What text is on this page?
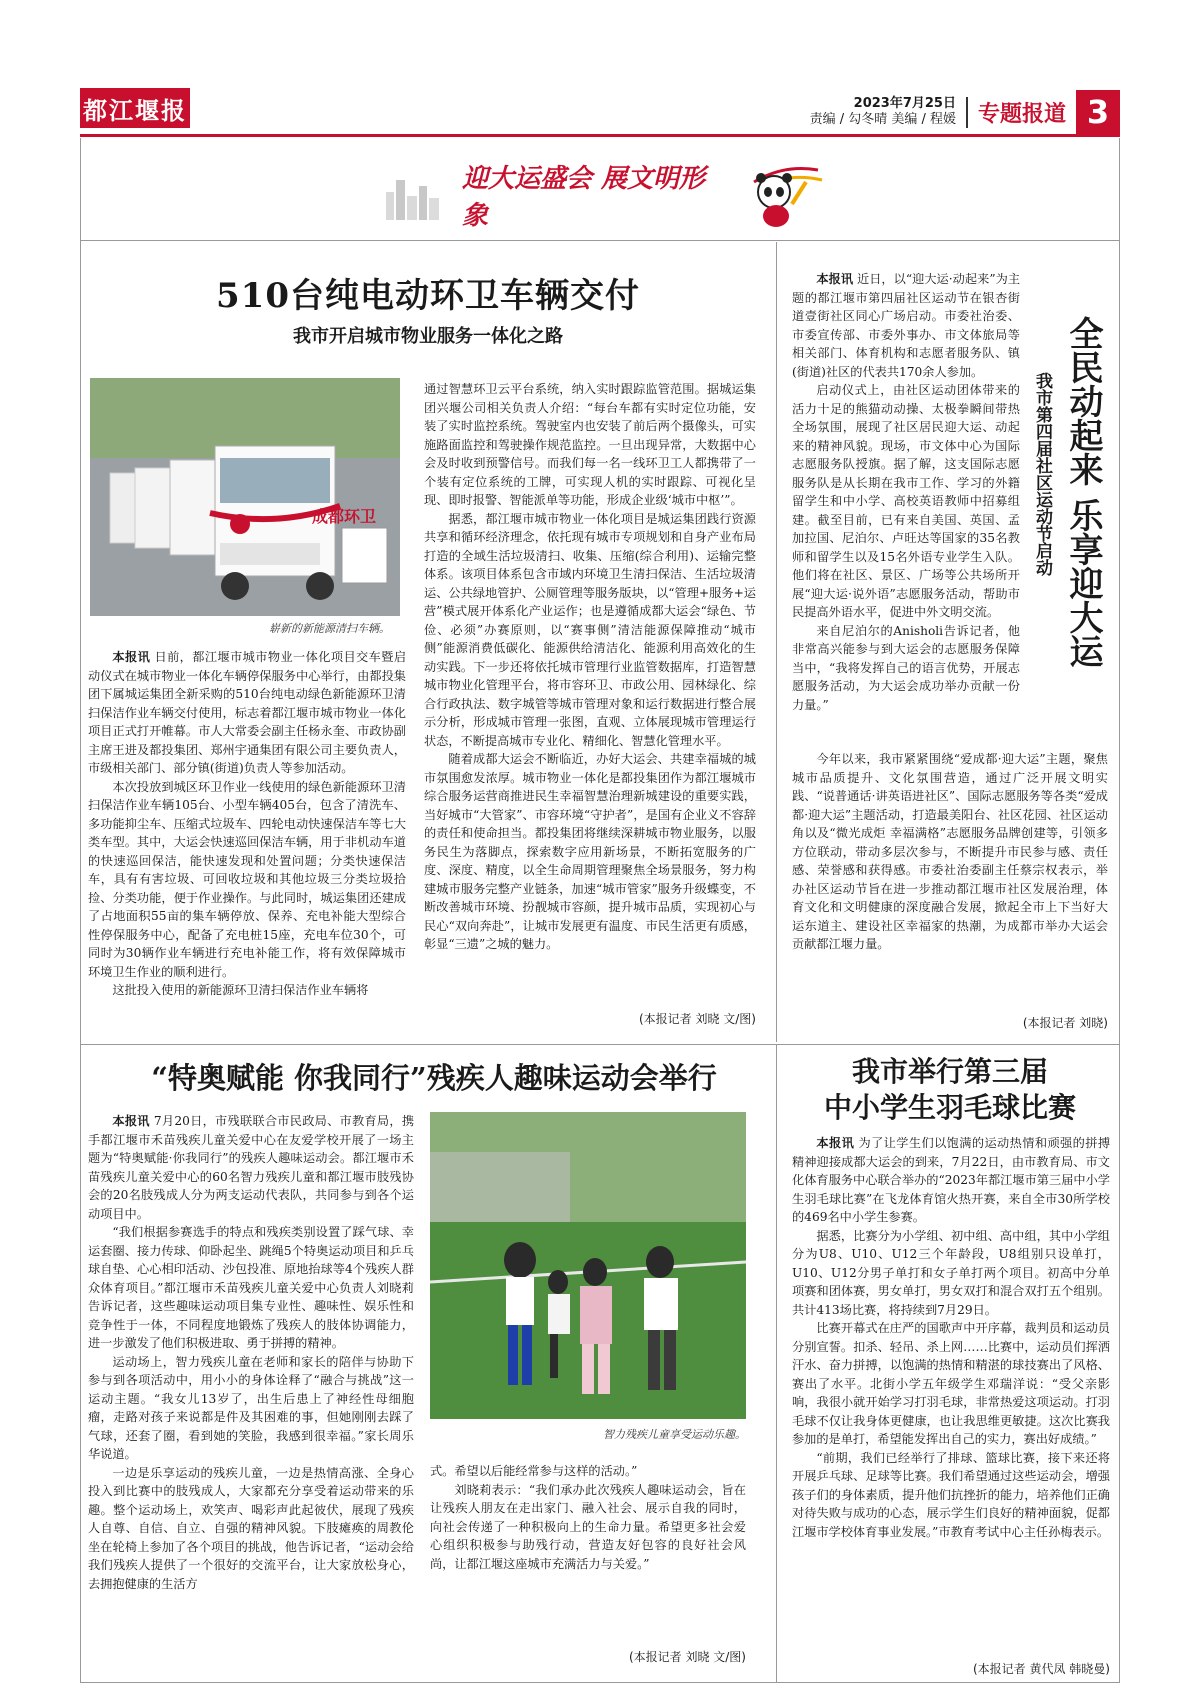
都江堰报	2023年7月25日
责编 / 勾冬晴 美编 / 程媛	专题报道 3
迎大运盛会 展文明形象
510台纯电动环卫车辆交付
我市开启城市物业服务一体化之路
成都环卫
崭新的新能源清扫车辆。

本报讯 日前，都江堰市城市物业一体化项目交车暨启动仪式在城市物业一体化车辆停保服务中心举行，由都投集团下属城运集团全新采购的510台纯电动绿色新能源环卫清扫保洁作业车辆交付使用，标志着都江堰市城市物业一体化项目正式打开帷幕。市人大常委会副主任杨永奎、市政协副主席王进及都投集团、郑州宇通集团有限公司主要负责人，市级相关部门、部分镇(街道)负责人等参加活动。

本次投放到城区环卫作业一线使用的绿色新能源环卫清扫保洁作业车辆105台、小型车辆405台，包含了清洗车、多功能抑尘车、压缩式垃圾车、四轮电动快速保洁车等七大类车型。其中，大运会快速巡回保洁车辆，用于非机动车道的快速巡回保洁，能快速发现和处置问题；分类快速保洁车，具有有害垃圾、可回收垃圾和其他垃圾三分类垃圾拾捡、分类功能，便于作业操作。与此同时，城运集团还建成了占地面积55亩的集车辆停放、保养、充电补能大型综合性停保服务中心，配备了充电桩15座，充电车位30个，可同时为30辆作业车辆进行充电补能工作，将有效保障城市环境卫生作业的顺利进行。

这批投入使用的新能源环卫清扫保洁作业车辆将

通过智慧环卫云平台系统，纳入实时跟踪监管范围。据城运集团兴堰公司相关负责人介绍：“每台车都有实时定位功能，安装了实时监控系统。驾驶室内也安装了前后两个摄像头，可实施路面监控和驾驶操作规范监控。一旦出现异常，大数据中心会及时收到预警信号。而我们每一名一线环卫工人都携带了一个装有定位系统的工牌，可实现人机的实时跟踪、可视化呈现、即时报警、智能派单等功能，形成企业级‘城市中枢’”。

据悉，都江堰市城市物业一体化项目是城运集团践行资源共享和循环经济理念，依托现有城市专项规划和自身产业布局打造的全域生活垃圾清扫、收集、压缩(综合利用)、运输完整体系。该项目体系包含市域内环境卫生清扫保洁、生活垃圾清运、公共绿地管护、公厕管理等服务版块，以“管理+服务+运营”模式展开体系化产业运作；也是遵循成都大运会“绿色、节俭、必须”办赛原则，以“赛事侧”清洁能源保障推动“城市侧”能源消费低碳化、能源供给清洁化、能源利用高效化的生动实践。下一步还将依托城市管理行业监管数据库，打造智慧城市物业化管理平台，将市容环卫、市政公用、园林绿化、综合行政执法、数字城管等城市管理对象和运行数据进行整合展示分析，形成城市管理一张图，直观、立体展现城市管理运行状态，不断提高城市专业化、精细化、智慧化管理水平。

随着成都大运会不断临近，办好大运会、共建幸福城的城市氛围愈发浓厚。城市物业一体化是都投集团作为都江堰城市综合服务运营商推进民生幸福智慧治理新城建设的重要实践，当好城市“大管家”、市容环境“守护者”，是国有企业义不容辞的责任和使命担当。都投集团将继续深耕城市物业服务，以服务民生为落脚点，探索数字应用新场景，不断拓宽服务的广度、深度、精度，以全生命周期管理聚焦全场景服务，努力构建城市服务完整产业链条，加速“城市管家”服务升级蝶变，不断改善城市环境、扮靓城市容颜，提升城市品质，实现初心与民心“双向奔赴”，让城市发展更有温度、市民生活更有质感，彰显“三遗”之城的魅力。

(本报记者 刘晓 文/图)
全民动起来 乐享迎大运
我市第四届社区运动节启动

本报讯 近日，以“迎大运·动起来”为主题的都江堰市第四届社区运动节在银杏街道壹街社区同心广场启动。市委社治委、市委宣传部、市委外事办、市文体旅局等相关部门、体育机构和志愿者服务队、镇(街道)社区的代表共170余人参加。

启动仪式上，由社区运动团体带来的活力十足的熊猫动动操、太极拳瞬间带热全场氛围，展现了社区居民迎大运、动起来的精神风貌。现场，市文体中心为国际志愿服务队授旗。据了解，这支国际志愿服务队是从长期在我市工作、学习的外籍留学生和中小学、高校英语教师中招募组建。截至目前，已有来自美国、英国、孟加拉国、尼泊尔、卢旺达等国家的35名教师和留学生以及15名外语专业学生入队。他们将在社区、景区、广场等公共场所开展“迎大运·说外语”志愿服务活动，帮助市民提高外语水平，促进中外文明交流。

来自尼泊尔的Anisholi告诉记者，他非常高兴能参与到大运会的志愿服务保障当中，“我将发挥自己的语言优势，开展志愿服务活动，为大运会成功举办贡献一份力量。”

今年以来，我市紧紧围绕“爱成都·迎大运”主题，聚焦城市品质提升、文化氛围营造，通过广泛开展文明实践、“说普通话·讲英语进社区”、国际志愿服务等各类“爱成都·迎大运”主题活动，打造最美阳台、社区花园、社区运动角以及“微光成炬 幸福满格”志愿服务品牌创建等，引领多方位联动，带动多层次参与，不断提升市民参与感、责任感、荣誉感和获得感。市委社治委副主任蔡宗权表示，举办社区运动节旨在进一步推动都江堰市社区发展治理，体育文化和文明健康的深度融合发展，掀起全市上下当好大运东道主、建设社区幸福家的热潮，为成都市举办大运会贡献都江堰力量。

(本报记者 刘晓)
“特奥赋能 你我同行”残疾人趣味运动会举行
智力残疾儿童享受运动乐趣。

本报讯 7月20日，市残联联合市民政局、市教育局，携手都江堰市禾苗残疾儿童关爱中心在友爱学校开展了一场主题为“特奥赋能·你我同行”的残疾人趣味运动会。都江堰市禾苗残疾儿童关爱中心的60名智力残疾儿童和都江堰市肢残协会的20名肢残成人分为两支运动代表队，共同参与到各个运动项目中。

“我们根据参赛选手的特点和残疾类别设置了踩气球、幸运套圈、接力传球、仰卧起坐、跳绳5个特奥运动项目和乒乓球自垫、心心相印活动、沙包投准、原地抬球等4个残疾人群众体育项目。”都江堰市禾苗残疾儿童关爱中心负责人刘晓莉告诉记者，这些趣味运动项目集专业性、趣味性、娱乐性和竞争性于一体，不同程度地锻炼了残疾人的肢体协调能力，进一步激发了他们积极进取、勇于拼搏的精神。

运动场上，智力残疾儿童在老师和家长的陪伴与协助下参与到各项活动中，用小小的身体诠释了“融合与挑战”这一运动主题。“我女儿13岁了，出生后患上了神经性母细胞瘤，走路对孩子来说都是件及其困难的事，但她刚刚去踩了气球，还套了圈，看到她的笑脸，我感到很幸福。”家长周乐华说道。

一边是乐享运动的残疾儿童，一边是热情高涨、全身心投入到比赛中的肢残成人，大家都充分享受着运动带来的乐趣。整个运动场上，欢笑声、喝彩声此起彼伏，展现了残疾人自尊、自信、自立、自强的精神风貌。下肢瘫痪的周教伦坐在轮椅上参加了各个项目的挑战，他告诉记者，“运动会给我们残疾人提供了一个很好的交流平台，让大家放松身心，去拥抱健康的生活方

式。希望以后能经常参与这样的活动。”

刘晓莉表示：“我们承办此次残疾人趣味运动会，旨在让残疾人朋友在走出家门、融入社会、展示自我的同时，向社会传递了一种积极向上的生命力量。希望更多社会爱心组织积极参与助残行动，营造友好包容的良好社会风尚，让都江堰这座城市充满活力与关爱。”

(本报记者 刘晓 文/图)
我市举行第三届
中小学生羽毛球比赛

本报讯 为了让学生们以饱满的运动热情和顽强的拼搏精神迎接成都大运会的到来，7月22日，由市教育局、市文化体育服务中心联合举办的“2023年都江堰市第三届中小学生羽毛球比赛”在飞龙体育馆火热开赛，来自全市30所学校的469名中小学生参赛。

据悉，比赛分为小学组、初中组、高中组，其中小学组分为U8、U10、U12三个年龄段，U8组别只设单打，U10、U12分男子单打和女子单打两个项目。初高中分单项赛和团体赛，男女单打，男女双打和混合双打五个组别。共计413场比赛，将持续到7月29日。

比赛开幕式在庄严的国歌声中开序幕，裁判员和运动员分别宣誓。扣杀、轻吊、杀上网……比赛中，运动员们挥洒汗水、奋力拼搏，以饱满的热情和精湛的球技赛出了风格、赛出了水平。北街小学五年级学生邓瑞洋说：“受父亲影响，我很小就开始学习打羽毛球，非常热爱这项运动。打羽毛球不仅让我身体更健康，也让我思维更敏捷。这次比赛我参加的是单打，希望能发挥出自己的实力，赛出好成绩。”

“前期，我们已经举行了排球、篮球比赛，接下来还将开展乒乓球、足球等比赛。我们希望通过这些运动会，增强孩子们的身体素质，提升他们抗挫折的能力，培养他们正确对待失败与成功的心态，展示学生们良好的精神面貌，促都江堰市学校体育事业发展。”市教育考试中心主任孙梅表示。

(本报记者 黄代凤 韩晓曼)
